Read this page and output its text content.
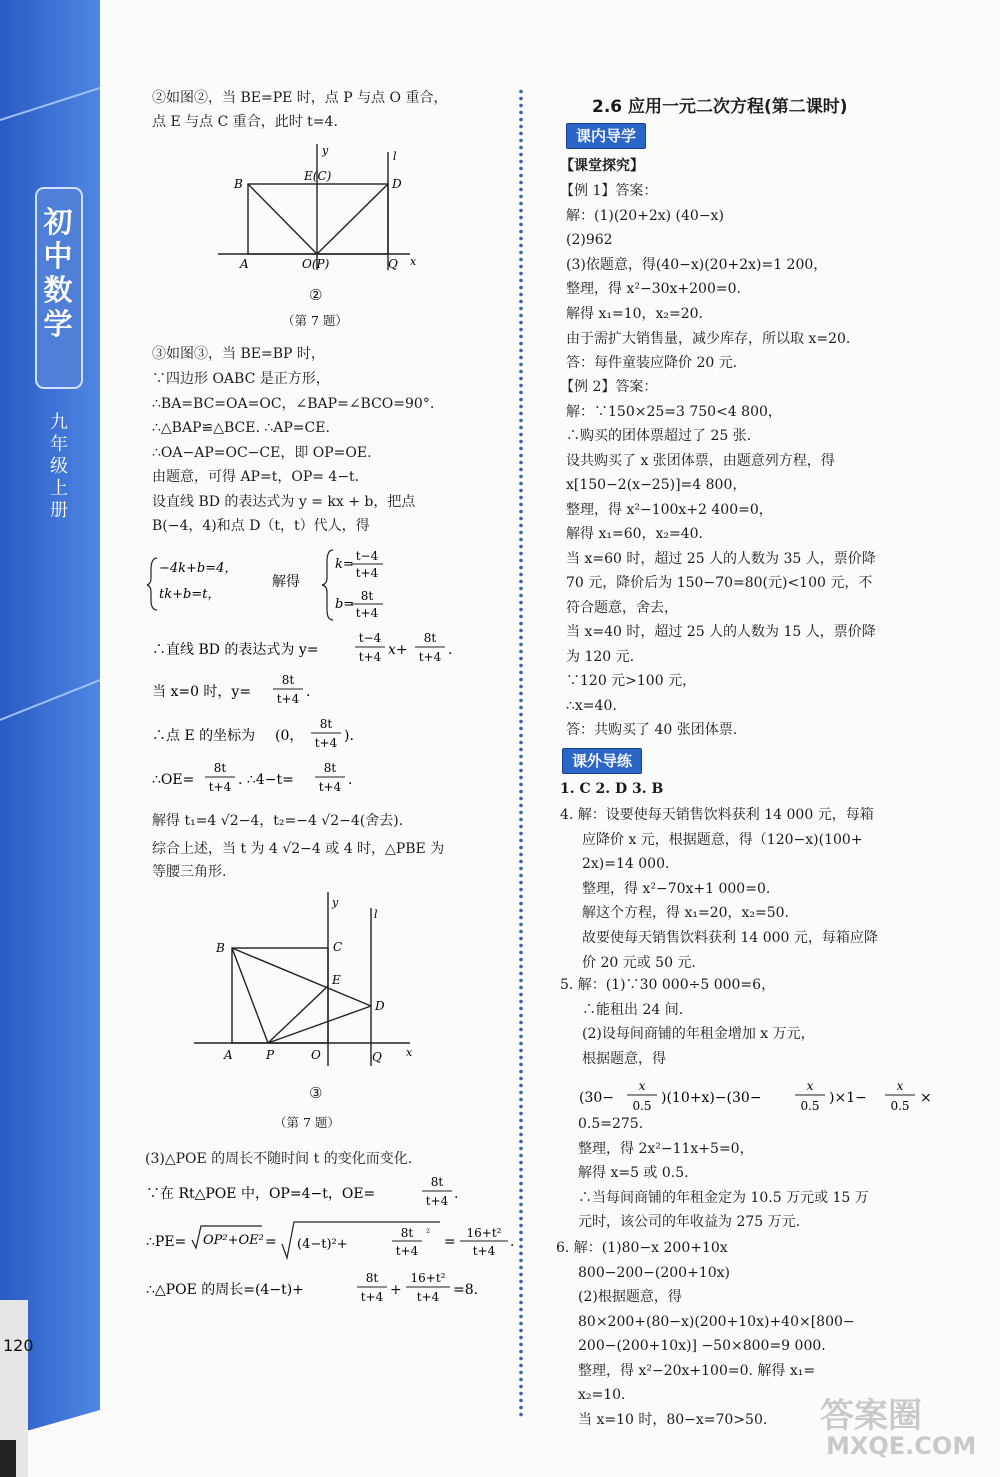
初中数学
九年级 上册
120
②如图②，当 BE=PE 时，点 P 与点 O 重合，
点 E 与点 C 重合，此时 t=4.
y	l
E(C)
B	D
A	O(P)	Q x
②
（第 7 题）
③如图③，当 BE=BP 时，
∵四边形 OABC 是正方形，
∴BA=BC=OA=OC，∠BAP=∠BCO=90°.
∴△BAP≌△BCE. ∴AP=CE.
∴OA−AP=OC−CE，即 OP=OE.
由题意，可得 AP=t，OP= 4−t.
设直线 BD 的表达式为 y = kx + b，把点
B(−4，4)和点 D（t，t）代人，得
−4k+b=4，
tk+b=t，
解得
k=
t−4
t+4
b=
8t
t+4
∴直线 BD 的表达式为 y=
t−4
t+4 x+
8t
t+4 .
当 x=0 时，y=
8t
t+4 .
∴点 E 的坐标为 (0，
8t
t+4 ).
∴OE=
8t
t+4 . ∴4−t=
8t
t+4 .
解得 t₁=4 √2−4，t₂=−4 √2−4(舍去).
综合上述，当 t 为 4 √2−4 或 4 时，△PBE 为
等腰三角形.
y
l
B	C
E
D
A	P	O	Q x
③
（第 7 题）
(3)△POE 的周长不随时间 t 的变化而变化.
∵在 Rt△POE 中，OP=4−t，OE=
8t
t+4 .
∴PE= OP²+OE² = (4−t)²+
8t
t+4
²
=
16+t²
t+4
.
∴△POE 的周长=(4−t)+
8t
t+4 +
16+t²
t+4 =8.
2.6 应用一元二次方程(第二课时)
课内导学
【课堂探究】
【例 1】答案：
解：(1)(20+2x) (40−x)
(2)962
(3)依题意，得(40−x)(20+2x)=1 200，
整理，得 x²−30x+200=0.
解得 x₁=10，x₂=20.
由于需扩大销售量，减少库存，所以取 x=20.
答：每件童装应降价 20 元.
【例 2】答案：
解：∵150×25=3 750<4 800，
∴购买的团体票超过了 25 张.
设共购买了 x 张团体票，由题意列方程，得
x[150−2(x−25)]=4 800，
整理，得 x²−100x+2 400=0，
解得 x₁=60，x₂=40.
当 x=60 时，超过 25 人的人数为 35 人，票价降
70 元，降价后为 150−70=80(元)<100 元，不
符合题意，舍去，
当 x=40 时，超过 25 人的人数为 15 人，票价降
为 120 元.
∵120 元>100 元，
∴x=40.
答：共购买了 40 张团体票.
课外导练
1. C 2. D 3. B
4. 解：设要使每天销售饮料获利 14 000 元，每箱
应降价 x 元，根据题意，得（120−x)(100+
2x)=14 000.
整理，得 x²−70x+1 000=0.
解这个方程，得 x₁=20，x₂=50.
故要使每天销售饮料获利 14 000 元，每箱应降
价 20 元或 50 元.
5. 解：(1)∵30 000÷5 000=6，
∴能租出 24 间.
(2)设每间商铺的年租金增加 x 万元，
根据题意，得
(30−
x
0.5 )(10+x)−(30−
x
0.5 )×1−
x
0.5 ×
0.5=275.
整理，得 2x²−11x+5=0，
解得 x=5 或 0.5.
∴当每间商铺的年租金定为 10.5 万元或 15 万
元时，该公司的年收益为 275 万元.
6. 解：(1)80−x 200+10x
800−200−(200+10x)
(2)根据题意，得
80×200+(80−x)(200+10x)+40×[800−
200−(200+10x)] −50×800=9 000.
整理，得 x²−20x+100=0. 解得 x₁=
x₂=10.
当 x=10 时，80−x=70>50. 答案圈
MXQE.COM
